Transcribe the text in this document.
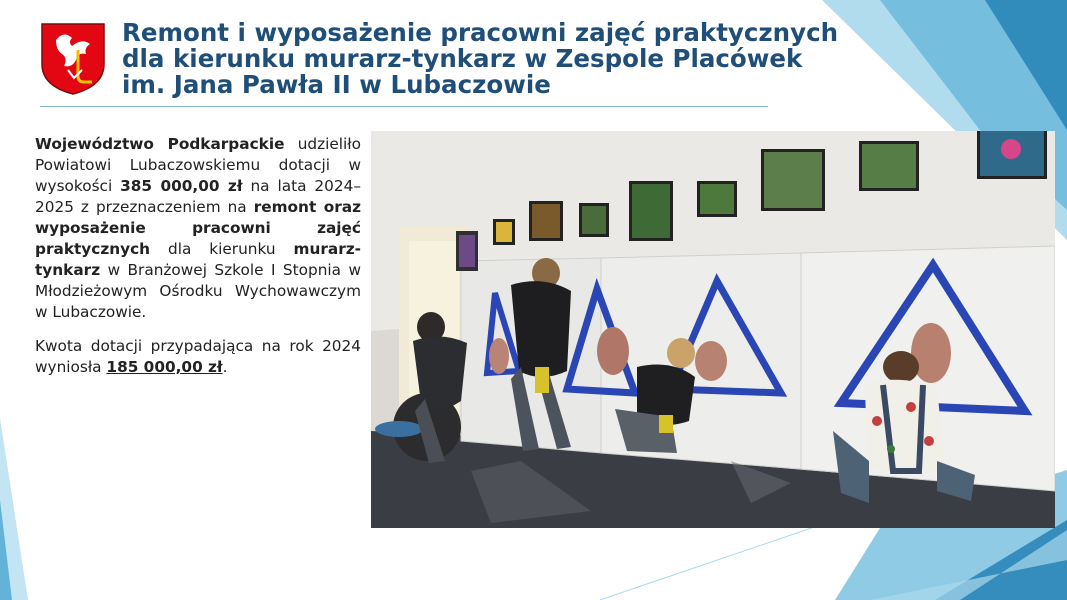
Remont i wyposażenie pracowni zajęć praktycznych
dla kierunku murarz-tynkarz w Zespole Placówek
im. Jana Pawła II w Lubaczowie

Województwo Podkarpackie udzieliło Powiatowi Lubaczowskiemu dotacji w wysokości 385 000,00 zł na lata 2024–2025 z przeznaczeniem na remont oraz wyposażenie pracowni zajęć praktycznych dla kierunku murarz-tynkarz w Branżowej Szkole I Stopnia w Młodzieżowym Ośrodku Wychowawczym w Lubaczowie.

Kwota dotacji przypadająca na rok 2024 wyniosła 185 000,00 zł.
